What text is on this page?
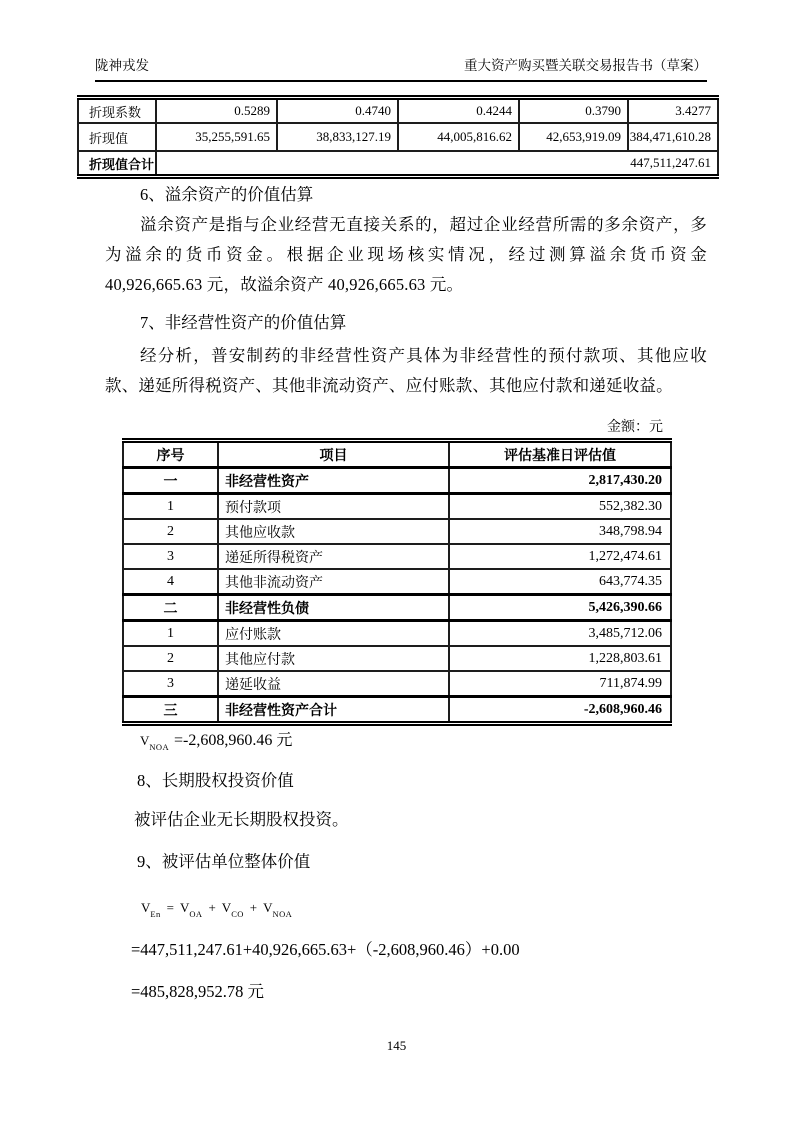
陇神戎发	重大资产购买暨关联交易报告书（草案）
折现系数	0.5289	0.4740	0.4244	0.3790	3.4277
折现值	35,255,591.65	38,833,127.19	44,005,816.62	42,653,919.09	384,471,610.28
折现值合计	447,511,247.61				
6、溢余资产的价值估算
溢余资产是指与企业经营无直接关系的，超过企业经营所需的多余资产，多为溢余的货币资金。根据企业现场核实情况，经过测算溢余货币资金 40,926,665.63 元，故溢余资产 40,926,665.63 元。
7、非经营性资产的价值估算
经分析，普安制药的非经营性资产具体为非经营性的预付款项、其他应收款、递延所得税资产、其他非流动资产、应付账款、其他应付款和递延收益。
金额：元
序号	项目	评估基准日评估值
一	非经营性资产	2,817,430.20
1	预付款项	552,382.30
2	其他应收款	348,798.94
3	递延所得税资产	1,272,474.61
4	其他非流动资产	643,774.35
二	非经营性负债	5,426,390.66
1	应付账款	3,485,712.06
2	其他应付款	1,228,803.61
3	递延收益	711,874.99
三	非经营性资产合计	-2,608,960.46
$V_{NOA} =-2,608,960.46$ 元
8、长期股权投资价值
被评估企业无长期股权投资。
9、被评估单位整体价值
$V_{En} = V_{OA} + V_{CO} + V_{NOA}$
=447,511,247.61+40,926,665.63+（-2,608,960.46）+0.00
=485,828,952.78 元
145
